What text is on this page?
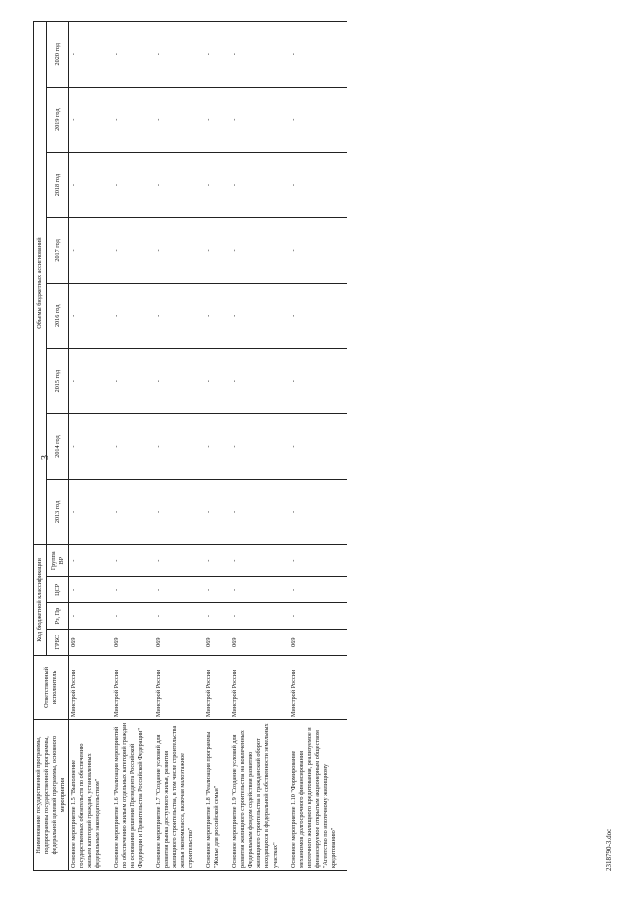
3
Наименование государственной программы, подпрограммы государственной программы, федеральной целевой программы, основного мероприятия	Ответственный исполнитель	Код бюджетной классификации				Объемы бюджетных ассигнований							
		ГРБС	Рз, Пр	ЦСР	Группа ВР	2013 год	2014 год	2015 год	2016 год	2017 год	2018 год	2019 год	2020 год
Основное мероприятие 1.5 "Выполнение государственных обязательств по обеспечению жильем категорий граждан, установленных федеральным законодательством"	Минстрой России	069	-	-	-	-	-	-	-	-	-	-	-

Основное мероприятие 1.6 "Реализация мероприятий по обеспечению жильем отдельных категорий граждан на основании решения Президента Российской Федерации и Правительства Российской Федерации"	Минстрой России	069	-	-	-	-	-	-	-	-	-	-	-

Основное мероприятие 1.7 "Создание условий для развития рынка доступного жилья, развития жилищного строительства, в том числе строительства жилья экономкласса, включая малоэтажное строительство"	Минстрой России	069	-	-	-	-	-	-	-	-	-	-	-

Основное мероприятие 1.8 "Реализация программы "Жилье для российской семьи"	Минстрой России	069	-	-	-	-	-	-	-	-	-	-	-

Основное мероприятие 1.9 "Создание условий для развития жилищного строительства на вовлеченных Федеральным фондом содействия развитию жилищного строительства в гражданский оборот находящихся в федеральной собственности земельных участках"	Минстрой России	069	-	-	-	-	-	-	-	-	-	-	-

Основное мероприятие 1.10 "Формирование механизмов долгосрочного финансирования ипотечного жилищного кредитования, реализуемое и финансируемое открытым акционерным обществом "Агентство по ипотечному жилищному кредитованию"	Минстрой России	069	-	-	-	-	-	-	-	-	-	-	-

2318790-3.doc
